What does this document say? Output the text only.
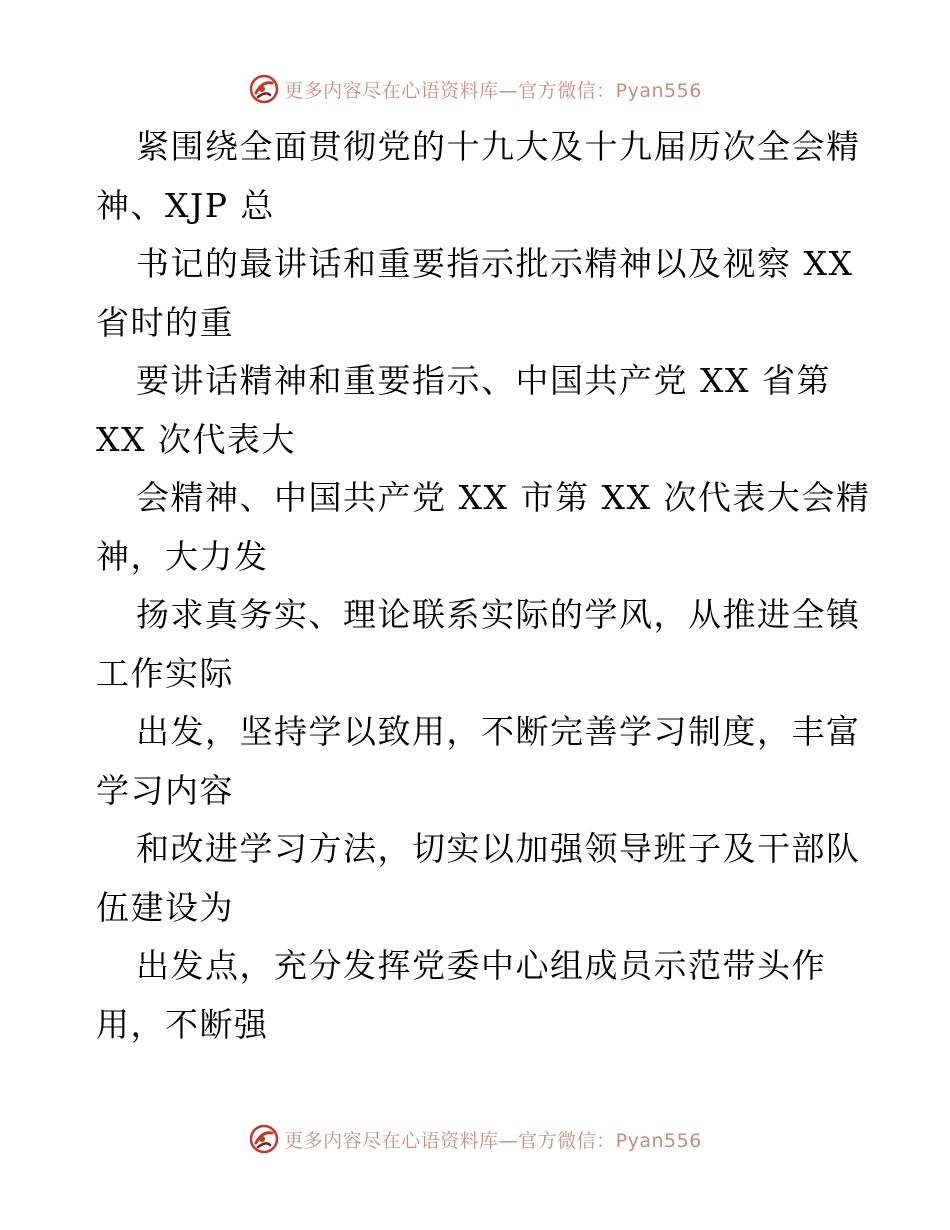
更多内容尽在心语资料库—官方微信：Pyan556
紧围绕全面贯彻党的十九大及十九届历次全会精
神、XJP 总
书记的最讲话和重要指示批示精神以及视察 XX
省时的重
要讲话精神和重要指示、中国共产党 XX 省第
XX 次代表大
会精神、中国共产党 XX 市第 XX 次代表大会精
神，大力发
扬求真务实、理论联系实际的学风，从推进全镇
工作实际
出发，坚持学以致用，不断完善学习制度，丰富
学习内容
和改进学习方法，切实以加强领导班子及干部队
伍建设为
出发点，充分发挥党委中心组成员示范带头作
用，不断强
更多内容尽在心语资料库—官方微信：Pyan556
